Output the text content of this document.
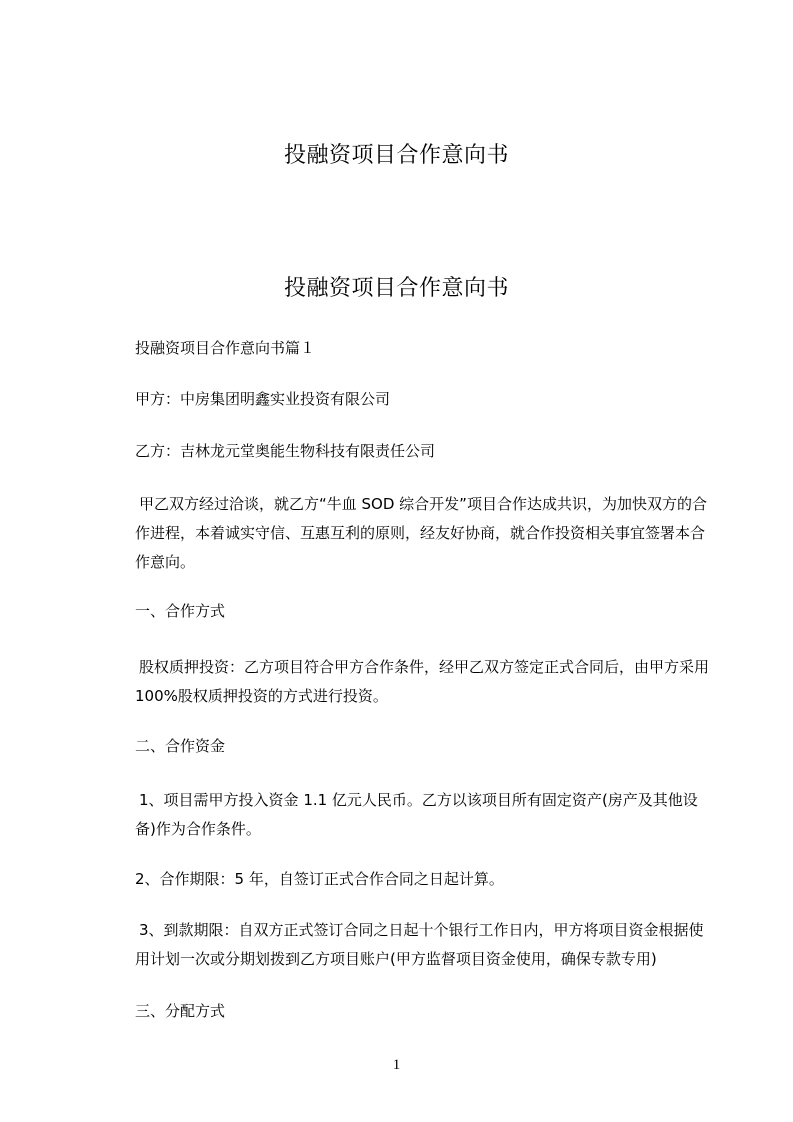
投融资项目合作意向书
投融资项目合作意向书
投融资项目合作意向书篇１
甲方：中房集团明鑫实业投资有限公司
乙方：吉林龙元堂奥能生物科技有限责任公司
甲乙双方经过洽谈，就乙方“牛血 SOD 综合开发”项目合作达成共识，为加快双方的合作进程，本着诚实守信、互惠互利的原则，经友好协商，就合作投资相关事宜签署本合作意向。
一、合作方式
股权质押投资：乙方项目符合甲方合作条件，经甲乙双方签定正式合同后，由甲方采用 100%股权质押投资的方式进行投资。
二、合作资金
1、项目需甲方投入资金 1.1 亿元人民币。乙方以该项目所有固定资产(房产及其他设备)作为合作条件。
2、合作期限：5 年，自签订正式合作合同之日起计算。
3、到款期限：自双方正式签订合同之日起十个银行工作日内，甲方将项目资金根据使用计划一次或分期划拨到乙方项目账户(甲方监督项目资金使用，确保专款专用)
三、分配方式
1
